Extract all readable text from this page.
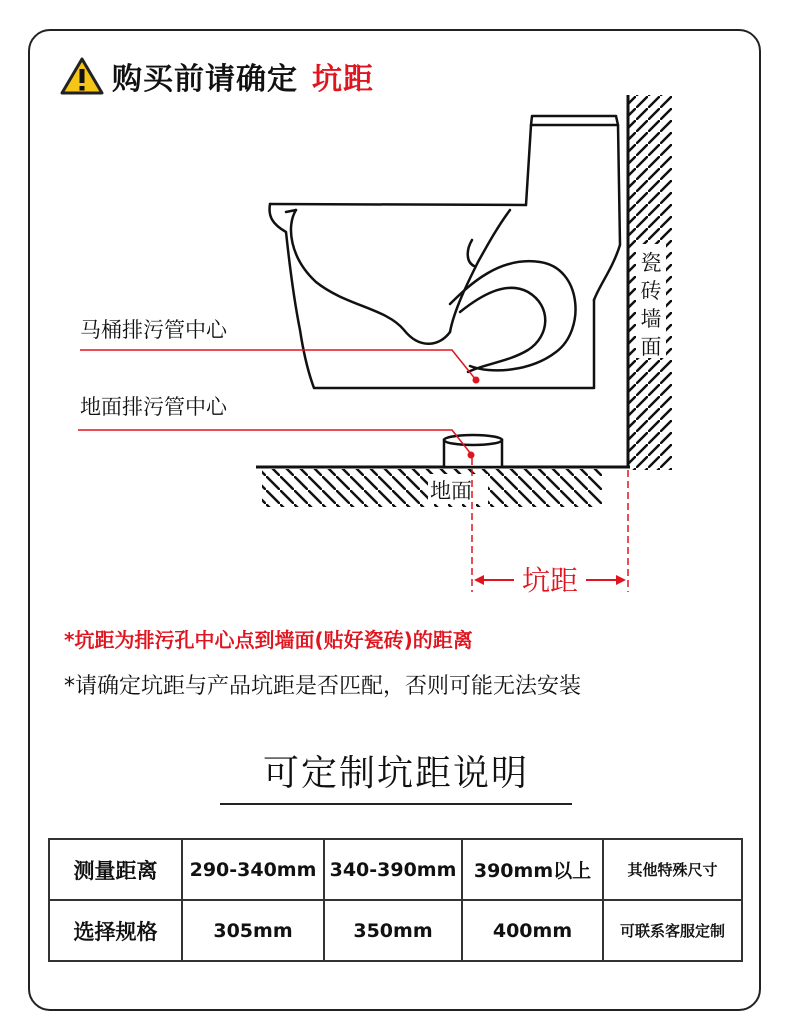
购买前请确定 坑距
马桶排污管中心
地面排污管中心
地面
坑距
瓷
砖
墙
面
*坑距为排污孔中心点到墙面(贴好瓷砖)的距离
*请确定坑距与产品坑距是否匹配，否则可能无法安装
可定制坑距说明
测量距离	290-340mm	340-390mm	390mm以上	其他特殊尺寸
选择规格	305mm	350mm	400mm	可联系客服定制
